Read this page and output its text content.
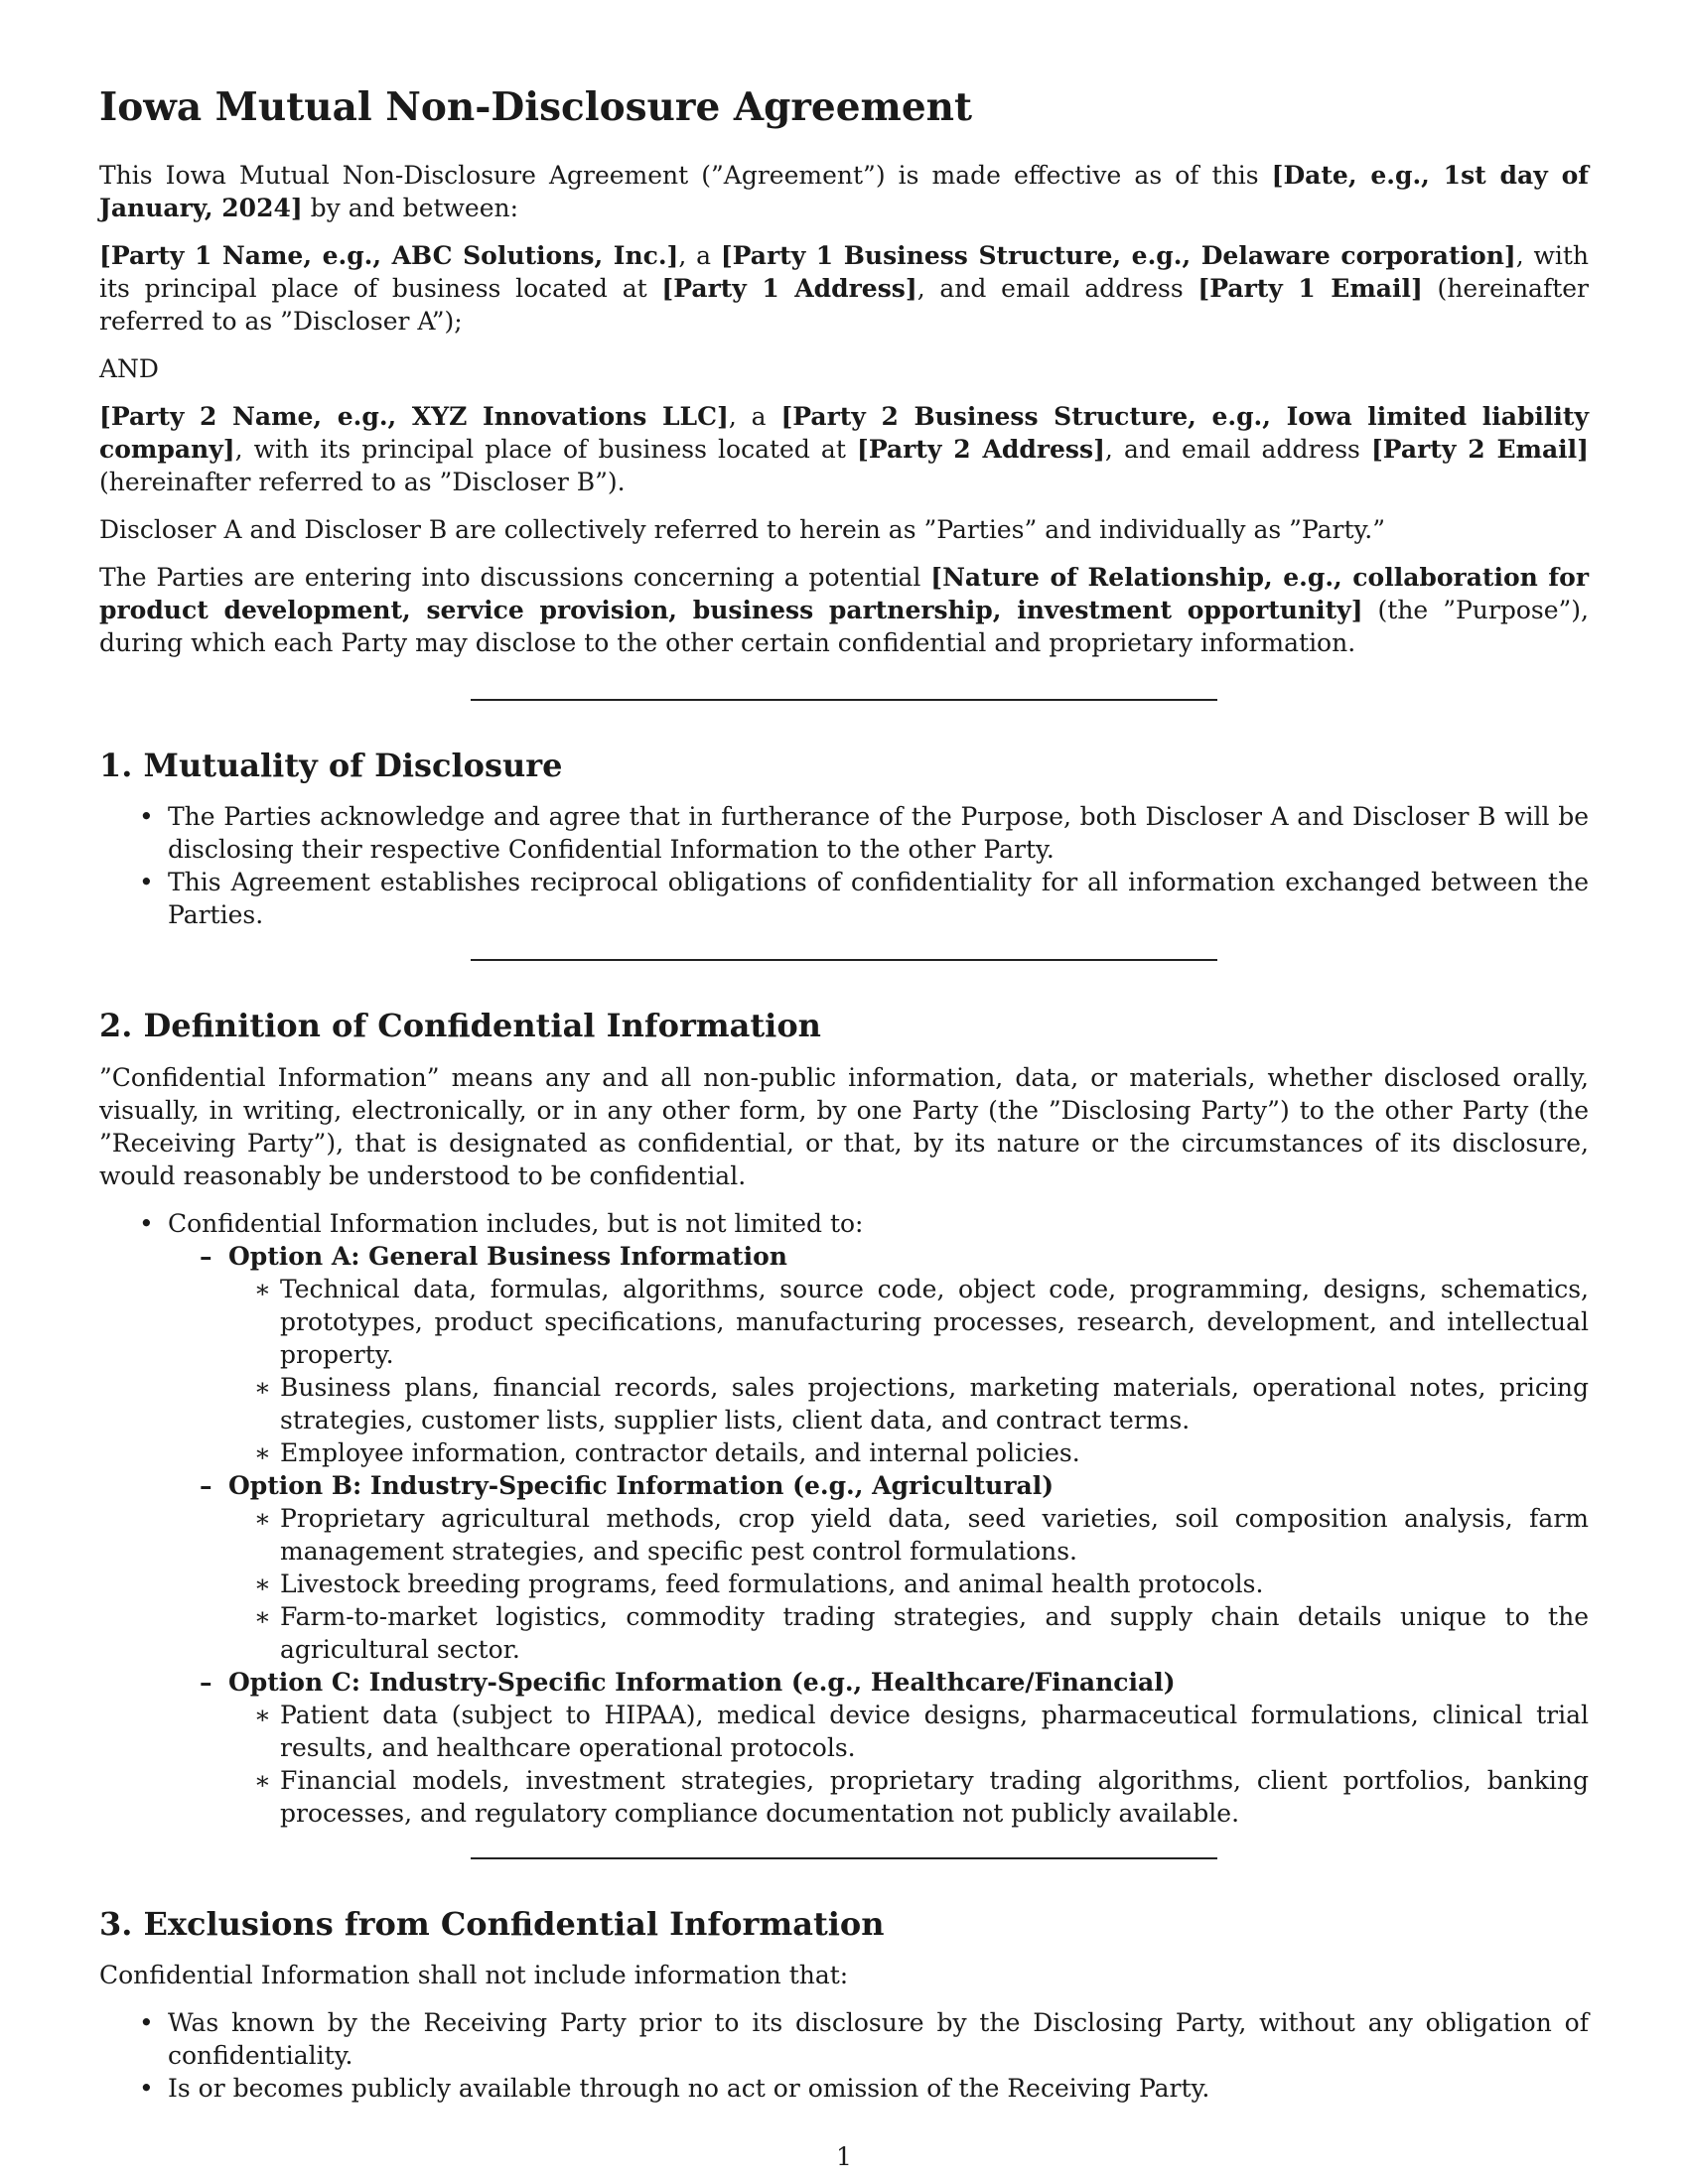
Iowa Mutual Non-Disclosure Agreement

This Iowa Mutual Non-Disclosure Agreement (”Agreement”) is made effective as of this [Date, e.g., 1st day of January, 2024] by and between:

[Party 1 Name, e.g., ABC Solutions, Inc.], a [Party 1 Business Structure, e.g., Delaware corporation], with its principal place of business located at [Party 1 Address], and email address [Party 1 Email] (hereinafter referred to as ”Discloser A”);

AND

[Party 2 Name, e.g., XYZ Innovations LLC], a [Party 2 Business Structure, e.g., Iowa limited liability company], with its principal place of business located at [Party 2 Address], and email address [Party 2 Email] (hereinafter referred to as ”Discloser B”).

Discloser A and Discloser B are collectively referred to herein as ”Parties” and individually as ”Party.”

The Parties are entering into discussions concerning a potential [Nature of Relationship, e.g., collaboration for product development, service provision, business partnership, investment opportunity] (the ”Purpose”), during which each Party may disclose to the other certain confidential and proprietary information.

1. Mutuality of Disclosure
• The Parties acknowledge and agree that in furtherance of the Purpose, both Discloser A and Discloser B will be disclosing their respective Confidential Information to the other Party.
• This Agreement establishes reciprocal obligations of confidentiality for all information exchanged between the Parties.
2. Definition of Confidential Information

”Confidential Information” means any and all non-public information, data, or materials, whether disclosed orally, visually, in writing, electronically, or in any other form, by one Party (the ”Disclosing Party”) to the other Party (the ”Receiving Party”), that is designated as confidential, or that, by its nature or the circumstances of its disclosure, would reasonably be understood to be confidential.

• Confidential Information includes, but is not limited to:
– Option A: General Business Information
∗ Technical data, formulas, algorithms, source code, object code, programming, designs, schematics, prototypes, product specifications, manufacturing processes, research, development, and intellectual property.
∗ Business plans, financial records, sales projections, marketing materials, operational notes, pricing strategies, customer lists, supplier lists, client data, and contract terms.
∗ Employee information, contractor details, and internal policies.
– Option B: Industry-Specific Information (e.g., Agricultural)
∗ Proprietary agricultural methods, crop yield data, seed varieties, soil composition analysis, farm management strategies, and specific pest control formulations.
∗ Livestock breeding programs, feed formulations, and animal health protocols.
∗ Farm-to-market logistics, commodity trading strategies, and supply chain details unique to the agricultural sector.
– Option C: Industry-Specific Information (e.g., Healthcare/Financial)
∗ Patient data (subject to HIPAA), medical device designs, pharmaceutical formulations, clinical trial results, and healthcare operational protocols.
∗ Financial models, investment strategies, proprietary trading algorithms, client portfolios, banking processes, and regulatory compliance documentation not publicly available.
3. Exclusions from Confidential Information

Confidential Information shall not include information that:

• Was known by the Receiving Party prior to its disclosure by the Disclosing Party, without any obligation of confidentiality.
• Is or becomes publicly available through no act or omission of the Receiving Party.
1
